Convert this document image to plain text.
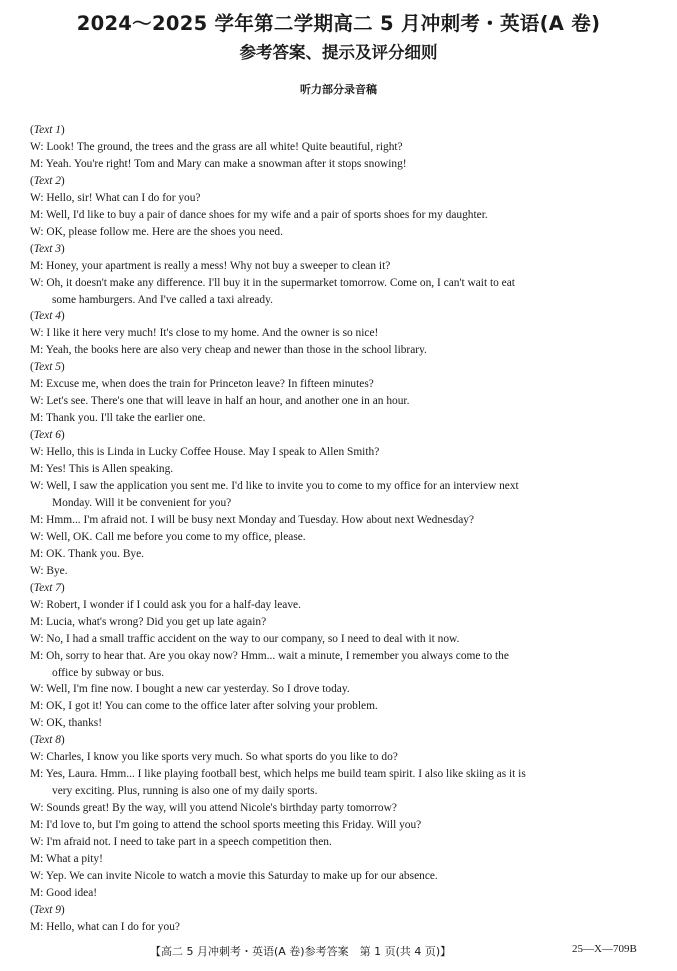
2024～2025 学年第二学期高二 5 月冲刺考・英语(A 卷)
参考答案、提示及评分细则
听力部分录音稿
(Text 1)
W: Look! The ground, the trees and the grass are all white! Quite beautiful, right?
M: Yeah. You're right! Tom and Mary can make a snowman after it stops snowing!
(Text 2)
W: Hello, sir! What can I do for you?
M: Well, I'd like to buy a pair of dance shoes for my wife and a pair of sports shoes for my daughter.
W: OK, please follow me. Here are the shoes you need.
(Text 3)
M: Honey, your apartment is really a mess! Why not buy a sweeper to clean it?
W: Oh, it doesn't make any difference. I'll buy it in the supermarket tomorrow. Come on, I can't wait to eat
some hamburgers. And I've called a taxi already.
(Text 4)
W: I like it here very much! It's close to my home. And the owner is so nice!
M: Yeah, the books here are also very cheap and newer than those in the school library.
(Text 5)
M: Excuse me, when does the train for Princeton leave? In fifteen minutes?
W: Let's see. There's one that will leave in half an hour, and another one in an hour.
M: Thank you. I'll take the earlier one.
(Text 6)
W: Hello, this is Linda in Lucky Coffee House. May I speak to Allen Smith?
M: Yes! This is Allen speaking.
W: Well, I saw the application you sent me. I'd like to invite you to come to my office for an interview next
Monday. Will it be convenient for you?
M: Hmm... I'm afraid not. I will be busy next Monday and Tuesday. How about next Wednesday?
W: Well, OK. Call me before you come to my office, please.
M: OK. Thank you. Bye.
W: Bye.
(Text 7)
W: Robert, I wonder if I could ask you for a half-day leave.
M: Lucia, what's wrong? Did you get up late again?
W: No, I had a small traffic accident on the way to our company, so I need to deal with it now.
M: Oh, sorry to hear that. Are you okay now? Hmm... wait a minute, I remember you always come to the
office by subway or bus.
W: Well, I'm fine now. I bought a new car yesterday. So I drove today.
M: OK, I got it! You can come to the office later after solving your problem.
W: OK, thanks!
(Text 8)
W: Charles, I know you like sports very much. So what sports do you like to do?
M: Yes, Laura. Hmm... I like playing football best, which helps me build team spirit. I also like skiing as it is
very exciting. Plus, running is also one of my daily sports.
W: Sounds great! By the way, will you attend Nicole's birthday party tomorrow?
M: I'd love to, but I'm going to attend the school sports meeting this Friday. Will you?
W: I'm afraid not. I need to take part in a speech competition then.
M: What a pity!
W: Yep. We can invite Nicole to watch a movie this Saturday to make up for our absence.
M: Good idea!
(Text 9)
M: Hello, what can I do for you?
【高二 5 月冲刺考・英语(A 卷)参考答案　第 1 页(共 4 页)】	25—X—709B
